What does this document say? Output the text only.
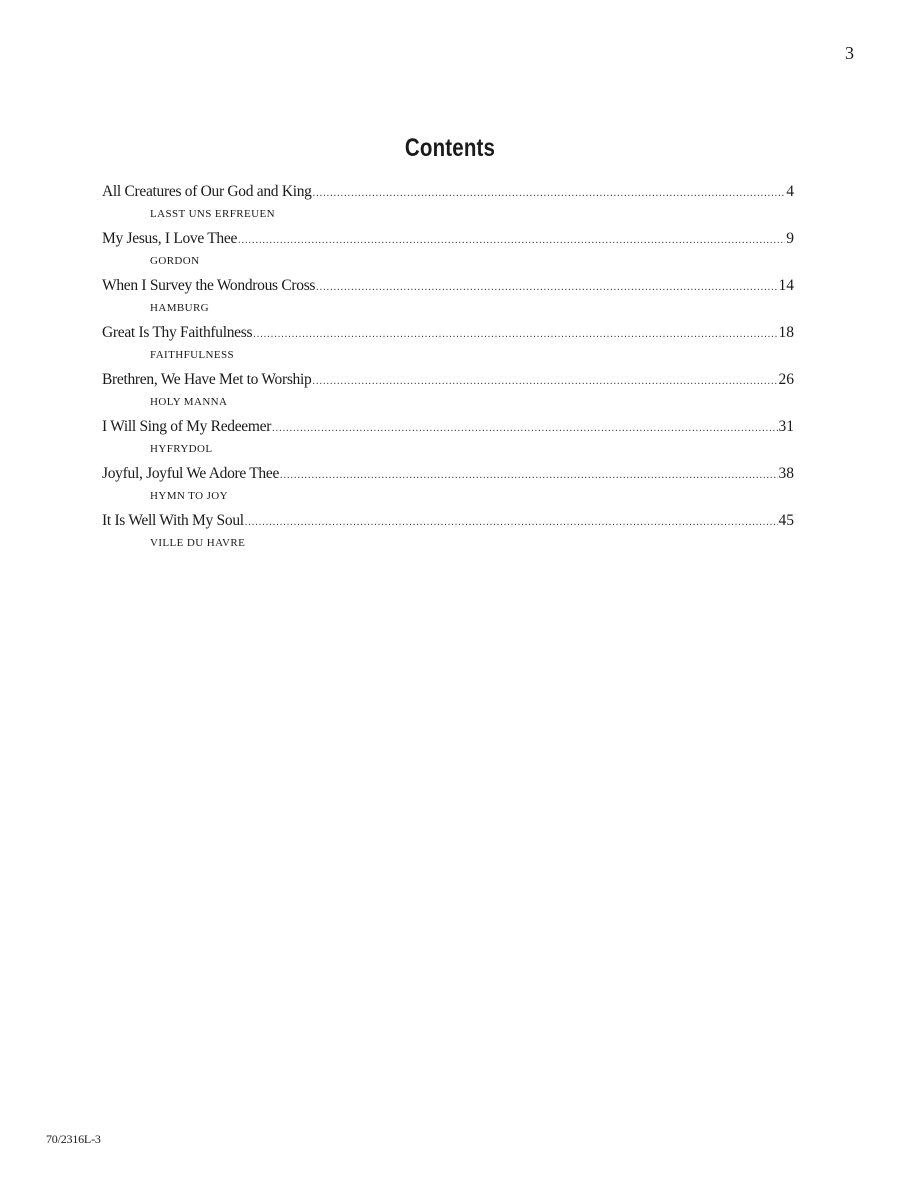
3
Contents
All Creatures of Our God and King .....	4
LASST UNS ERFREUEN
My Jesus, I Love Thee .....	9
GORDON
When I Survey the Wondrous Cross .....	14
HAMBURG
Great Is Thy Faithfulness .....	18
FAITHFULNESS
Brethren, We Have Met to Worship .....	26
HOLY MANNA
I Will Sing of My Redeemer .....	31
HYFRYDOL
Joyful, Joyful We Adore Thee .....	38
HYMN TO JOY
It Is Well With My Soul .....	45
VILLE DU HAVRE
70/2316L-3
